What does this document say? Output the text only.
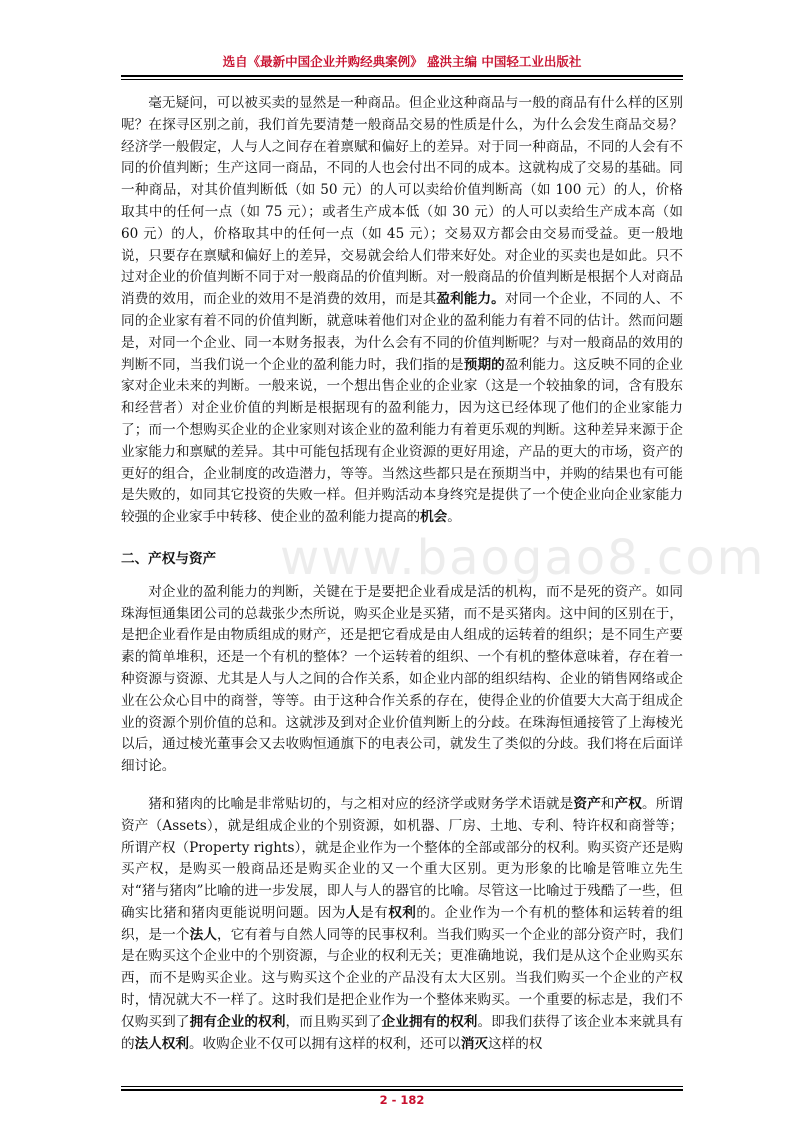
选自《最新中国企业并购经典案例》 盛洪主编 中国轻工业出版社
www.baogao8.com

毫无疑问，可以被买卖的显然是一种商品。但企业这种商品与一般的商品有什么样的区别呢？在探寻区别之前，我们首先要清楚一般商品交易的性质是什么，为什么会发生商品交易？经济学一般假定，人与人之间存在着禀赋和偏好上的差异。对于同一种商品，不同的人会有不同的价值判断；生产这同一商品，不同的人也会付出不同的成本。这就构成了交易的基础。同一种商品，对其价值判断低（如 50 元）的人可以卖给价值判断高（如 100 元）的人，价格取其中的任何一点（如 75 元）；或者生产成本低（如 30 元）的人可以卖给生产成本高（如 60 元）的人，价格取其中的任何一点（如 45 元）；交易双方都会由交易而受益。更一般地说，只要存在禀赋和偏好上的差异，交易就会给人们带来好处。对企业的买卖也是如此。只不过对企业的价值判断不同于对一般商品的价值判断。对一般商品的价值判断是根据个人对商品消费的效用，而企业的效用不是消费的效用，而是其盈利能力。对同一个企业，不同的人、不同的企业家有着不同的价值判断，就意味着他们对企业的盈利能力有着不同的估计。然而问题是，对同一个企业、同一本财务报表，为什么会有不同的价值判断呢？与对一般商品的效用的判断不同，当我们说一个企业的盈利能力时，我们指的是预期的盈利能力。这反映不同的企业家对企业未来的判断。一般来说，一个想出售企业的企业家（这是一个较抽象的词，含有股东和经营者）对企业价值的判断是根据现有的盈利能力，因为这已经体现了他们的企业家能力了；而一个想购买企业的企业家则对该企业的盈利能力有着更乐观的判断。这种差异来源于企业家能力和禀赋的差异。其中可能包括现有企业资源的更好用途，产品的更大的市场，资产的更好的组合，企业制度的改造潜力，等等。当然这些都只是在预期当中，并购的结果也有可能是失败的，如同其它投资的失败一样。但并购活动本身终究是提供了一个使企业向企业家能力较强的企业家手中转移、使企业的盈利能力提高的机会。

二、产权与资产

对企业的盈利能力的判断，关键在于是要把企业看成是活的机构，而不是死的资产。如同珠海恒通集团公司的总裁张少杰所说，购买企业是买猪，而不是买猪肉。这中间的区别在于，是把企业看作是由物质组成的财产，还是把它看成是由人组成的运转着的组织；是不同生产要素的简单堆积，还是一个有机的整体？一个运转着的组织、一个有机的整体意味着，存在着一种资源与资源、尤其是人与人之间的合作关系，如企业内部的组织结构、企业的销售网络或企业在公众心目中的商誉，等等。由于这种合作关系的存在，使得企业的价值要大大高于组成企业的资源个别价值的总和。这就涉及到对企业价值判断上的分歧。在珠海恒通接管了上海棱光以后，通过棱光董事会又去收购恒通旗下的电表公司，就发生了类似的分歧。我们将在后面详细讨论。

猪和猪肉的比喻是非常贴切的，与之相对应的经济学或财务学术语就是资产和产权。所谓资产（Assets），就是组成企业的个别资源，如机器、厂房、土地、专利、特许权和商誉等；所谓产权（Property rights），就是企业作为一个整体的全部或部分的权利。购买资产还是购买产权，是购买一般商品还是购买企业的又一个重大区别。更为形象的比喻是管唯立先生对“猪与猪肉”比喻的进一步发展，即人与人的器官的比喻。尽管这一比喻过于残酷了一些，但确实比猪和猪肉更能说明问题。因为人是有权利的。企业作为一个有机的整体和运转着的组织，是一个法人，它有着与自然人同等的民事权利。当我们购买一个企业的部分资产时，我们是在购买这个企业中的个别资源，与企业的权利无关；更准确地说，我们是从这个企业购买东西，而不是购买企业。这与购买这个企业的产品没有太大区别。当我们购买一个企业的产权时，情况就大不一样了。这时我们是把企业作为一个整体来购买。一个重要的标志是，我们不仅购买到了拥有企业的权利，而且购买到了企业拥有的权利。即我们获得了该企业本来就具有的法人权利。收购企业不仅可以拥有这样的权利，还可以消灭这样的权

2 - 182
